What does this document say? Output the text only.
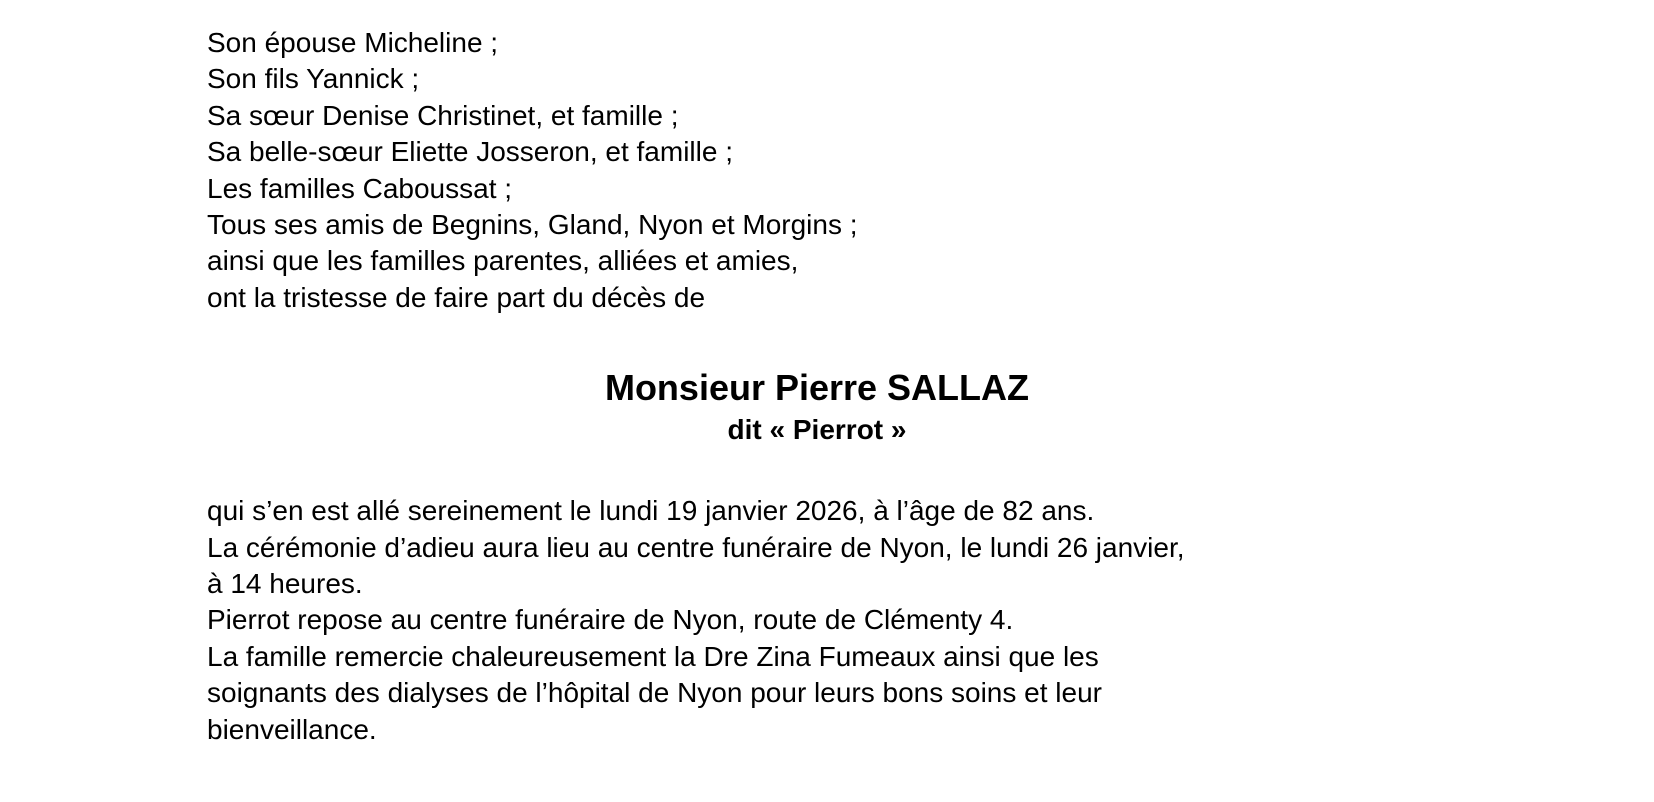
Son épouse Micheline ;
Son fils Yannick ;
Sa sœur Denise Christinet, et famille ;
Sa belle-sœur Eliette Josseron, et famille ;
Les familles Caboussat ;
Tous ses amis de Begnins, Gland, Nyon et Morgins ;
ainsi que les familles parentes, alliées et amies,
ont la tristesse de faire part du décès de
Monsieur Pierre SALLAZ
dit « Pierrot »
qui s’en est allé sereinement le lundi 19 janvier 2026, à l’âge de 82 ans.
La cérémonie d’adieu aura lieu au centre funéraire de Nyon, le lundi 26 janvier,
à 14 heures.
Pierrot repose au centre funéraire de Nyon, route de Clémenty 4.
La famille remercie chaleureusement la Dre Zina Fumeaux ainsi que les
soignants des dialyses de l’hôpital de Nyon pour leurs bons soins et leur
bienveillance.
